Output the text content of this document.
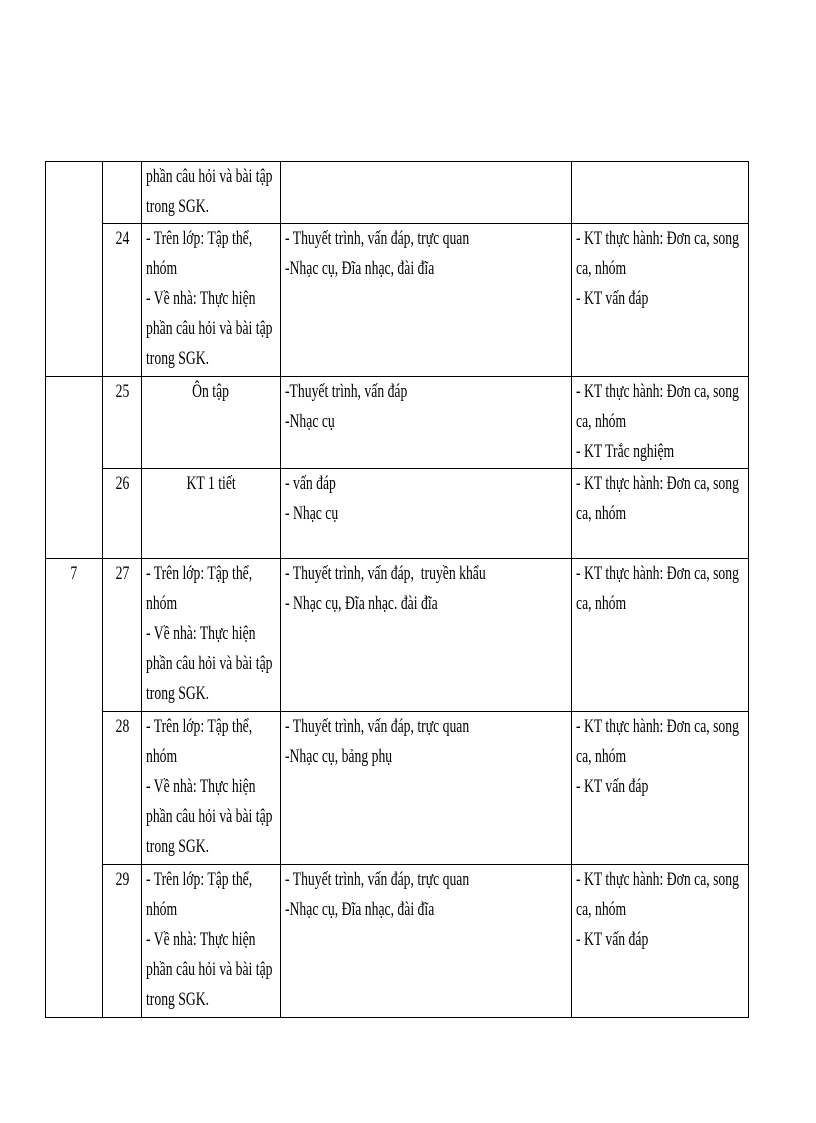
		phần câu hỏi và bài tập
trong SGK.		

	24	- Trên lớp: Tập thể,
nhóm
- Về nhà: Thực hiện
phần câu hỏi và bài tập
trong SGK.	- Thuyết trình, vấn đáp, trực quan
-Nhạc cụ, Đĩa nhạc, đài đĩa	- KT thực hành: Đơn ca, song
ca, nhóm
- KT vấn đáp

	25	Ôn tập	-Thuyết trình, vấn đáp
-Nhạc cụ	- KT thực hành: Đơn ca, song
ca, nhóm
- KT Trắc nghiệm

	26	KT 1 tiết	- vấn đáp
- Nhạc cụ	- KT thực hành: Đơn ca, song
ca, nhóm

7	27	- Trên lớp: Tập thể,
nhóm
- Về nhà: Thực hiện
phần câu hỏi và bài tập
trong SGK.	- Thuyết trình, vấn đáp,  truyền khẩu
- Nhạc cụ, Đĩa nhạc. đài đĩa	- KT thực hành: Đơn ca, song
ca, nhóm

	28	- Trên lớp: Tập thể,
nhóm
- Về nhà: Thực hiện
phần câu hỏi và bài tập
trong SGK.	- Thuyết trình, vấn đáp, trực quan
-Nhạc cụ, bảng phụ	- KT thực hành: Đơn ca, song
ca, nhóm
- KT vấn đáp

	29	- Trên lớp: Tập thể,
nhóm
- Về nhà: Thực hiện
phần câu hỏi và bài tập
trong SGK.	- Thuyết trình, vấn đáp, trực quan
-Nhạc cụ, Đĩa nhạc, đài đĩa	- KT thực hành: Đơn ca, song
ca, nhóm
- KT vấn đáp
